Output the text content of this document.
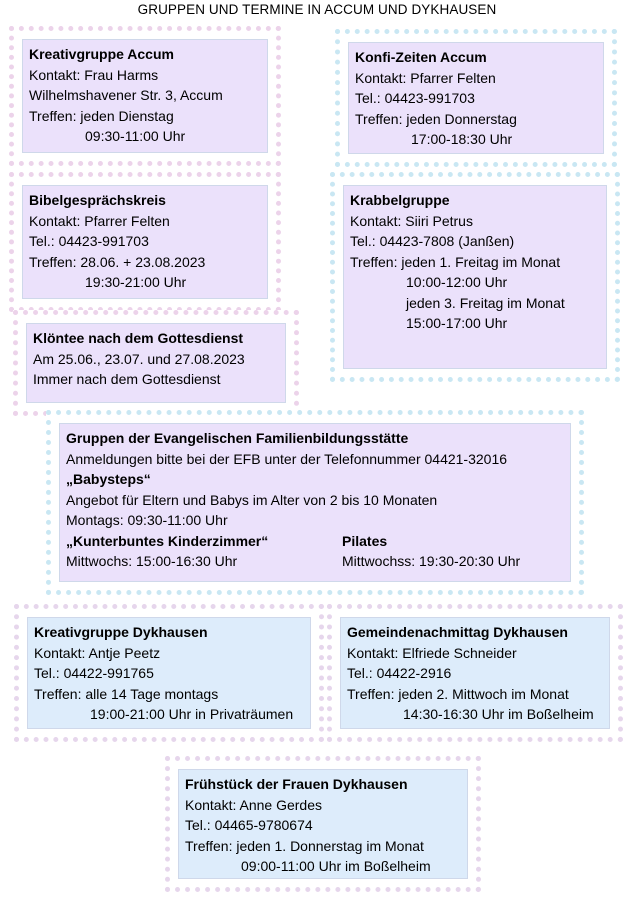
GRUPPEN UND TERMINE IN ACCUM UND DYKHAUSEN
Kreativgruppe Accum
Kontakt: Frau Harms
Wilhelmshavener Str. 3, Accum
Treffen: jeden Dienstag
09:30-11:00 Uhr
Konfi-Zeiten Accum
Kontakt: Pfarrer Felten
Tel.: 04423-991703
Treffen: jeden Donnerstag
17:00-18:30 Uhr
Bibelgesprächskreis
Kontakt: Pfarrer Felten
Tel.: 04423-991703
Treffen: 28.06. + 23.08.2023
19:30-21:00 Uhr
Krabbelgruppe
Kontakt: Siiri Petrus
Tel.: 04423-7808 (Janßen)
Treffen: jeden 1. Freitag im Monat
10:00-12:00 Uhr
jeden 3. Freitag im Monat
15:00-17:00 Uhr
Klöntee nach dem Gottesdienst
Am 25.06., 23.07. und 27.08.2023
Immer nach dem Gottesdienst
Gruppen der Evangelischen Familienbildungsstätte
Anmeldungen bitte bei der EFB unter der Telefonnummer 04421-32016
„Babysteps“
Angebot für Eltern und Babys im Alter von 2 bis 10 Monaten
Montags: 09:30-11:00 Uhr
„Kunterbuntes Kinderzimmer“	Pilates
Mittwochs: 15:00-16:30 Uhr	Mittwochss: 19:30-20:30 Uhr
Kreativgruppe Dykhausen
Kontakt: Antje Peetz
Tel.: 04422-991765
Treffen: alle 14 Tage montags
19:00-21:00 Uhr in Privaträumen
Gemeindenachmittag Dykhausen
Kontakt: Elfriede Schneider
Tel.: 04422-2916
Treffen: jeden 2. Mittwoch im Monat
14:30-16:30 Uhr im Boßelheim
Frühstück der Frauen Dykhausen
Kontakt: Anne Gerdes
Tel.: 04465-9780674
Treffen: jeden 1. Donnerstag im Monat
09:00-11:00 Uhr im Boßelheim
